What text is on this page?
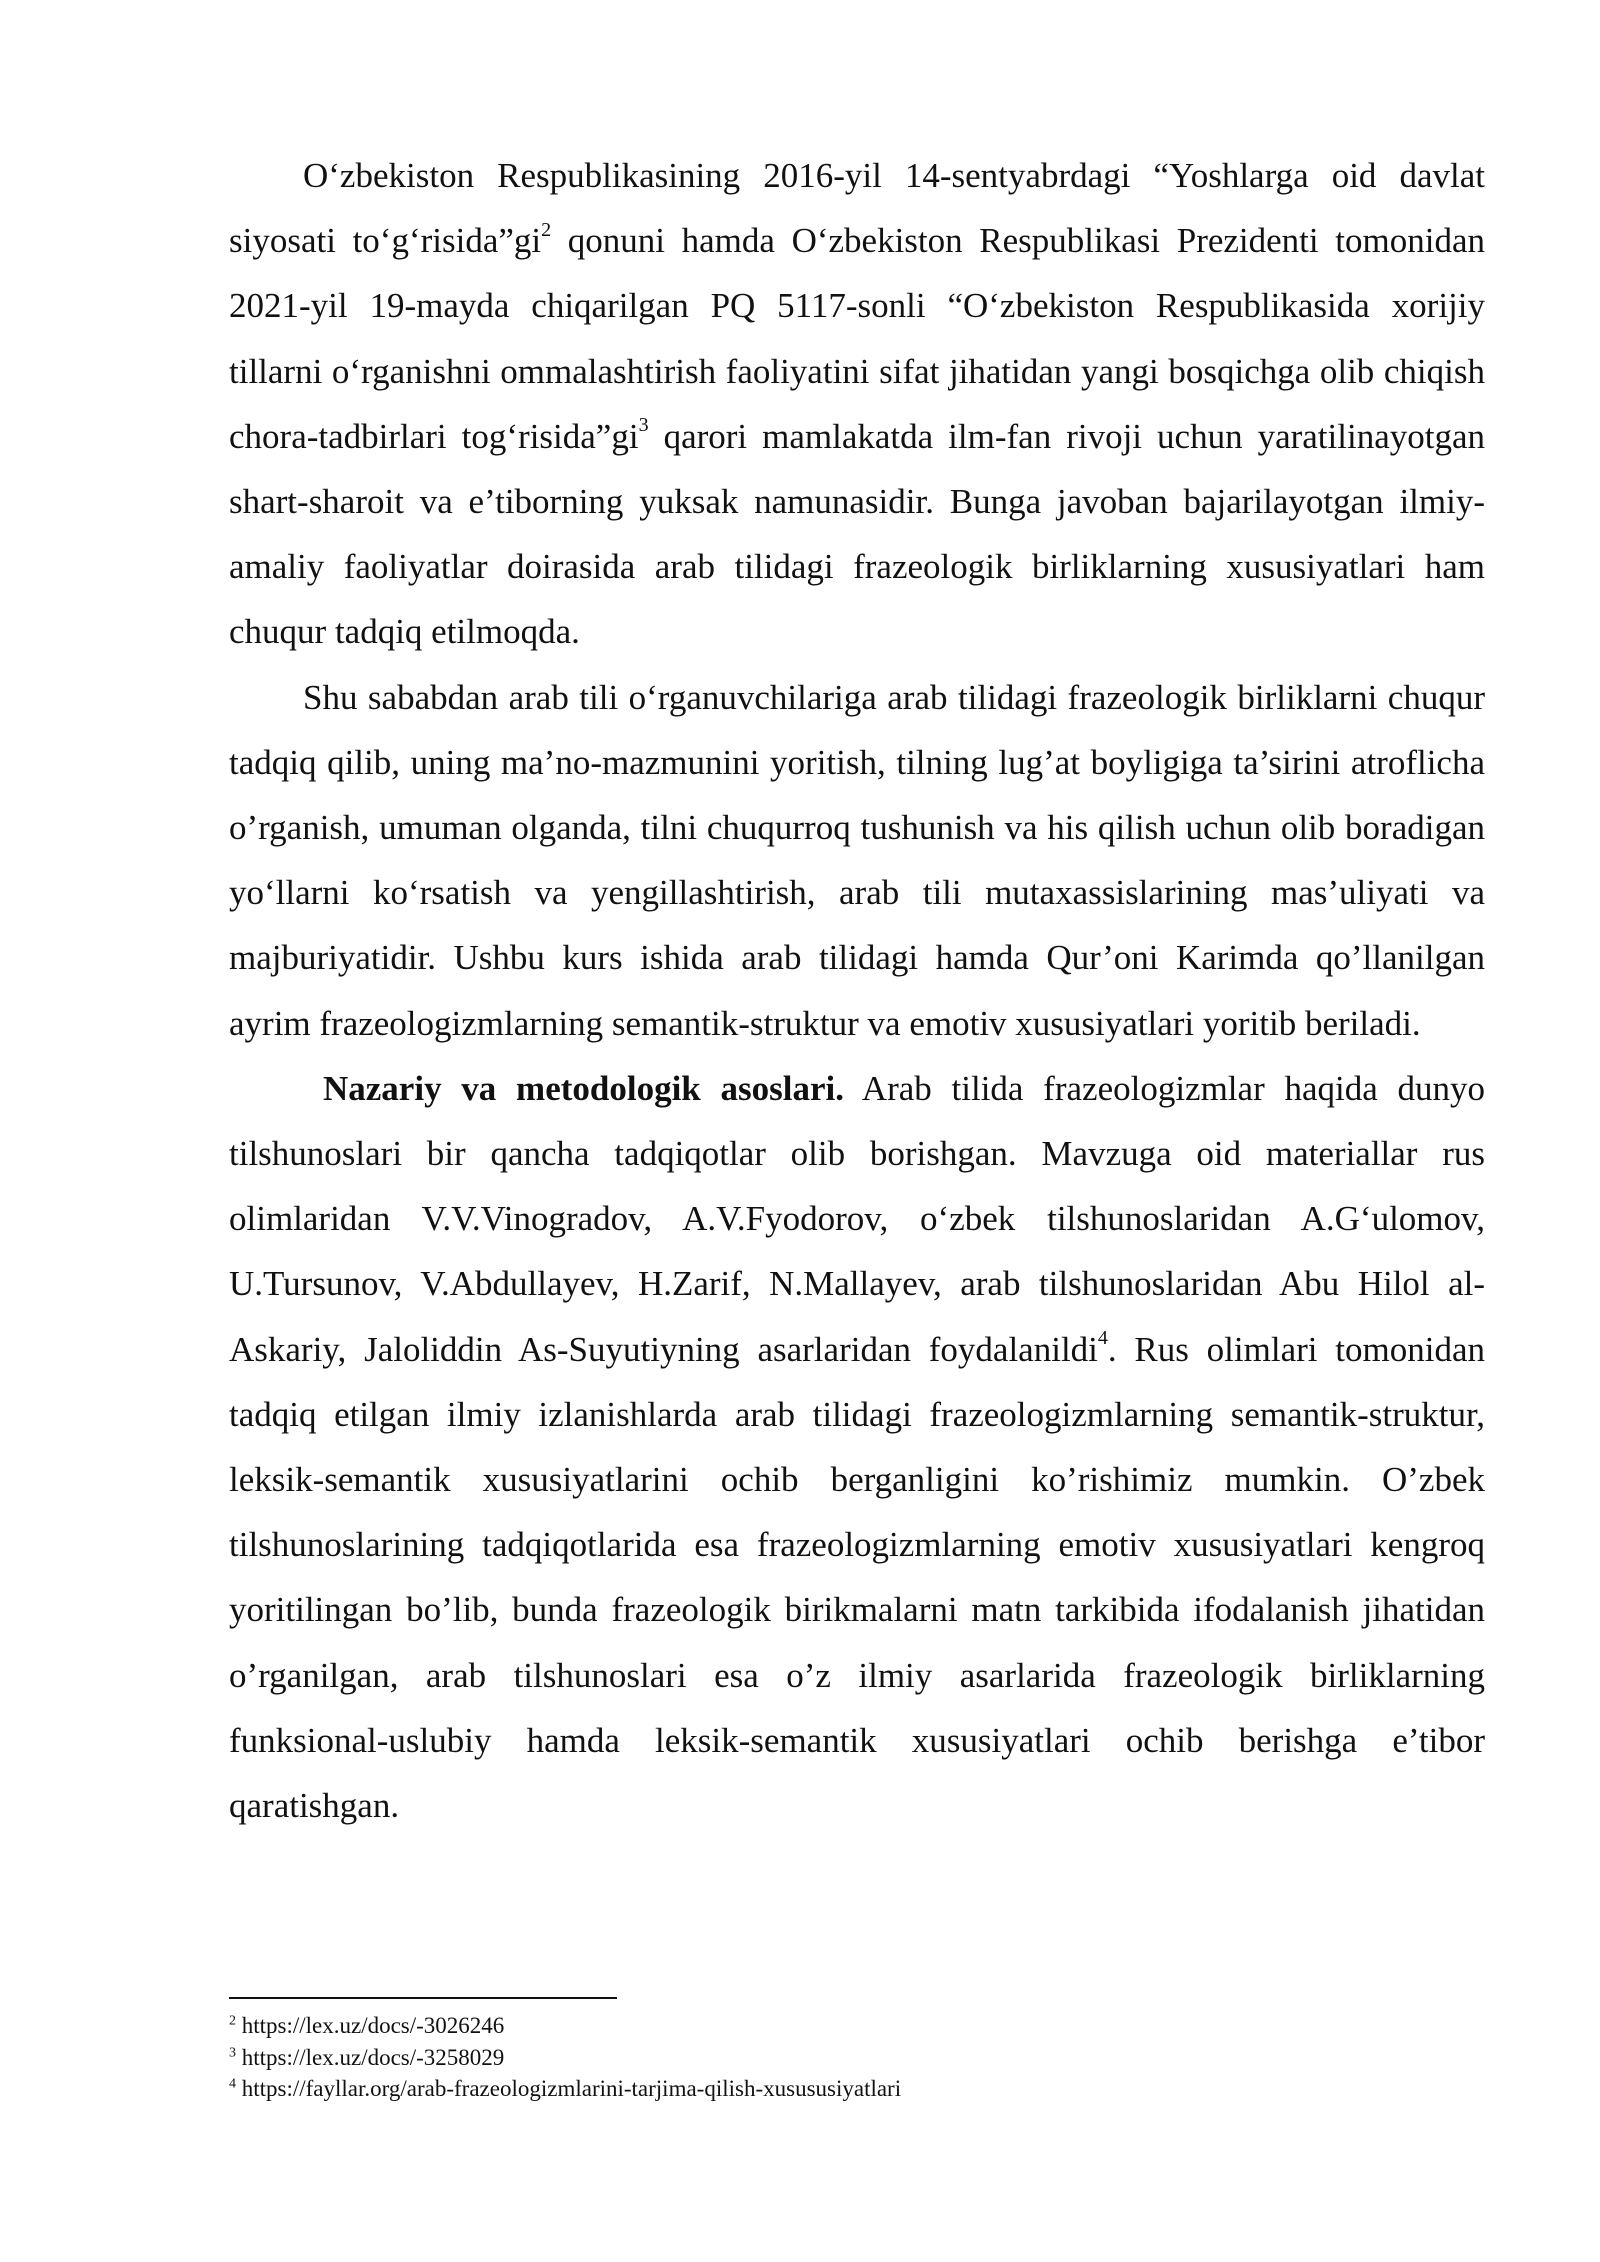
O‘zbekiston Respublikasining 2016-yil 14-sentyabrdagi “Yoshlarga oid davlat siyosati $to‘g‘risida”gi^2$ qonuni hamda O‘zbekiston Respublikasi Prezidenti tomonidan 2021-yil 19-mayda chiqarilgan PQ 5117-sonli “O‘zbekiston Respublikasida xorijiy tillarni o‘rganishni ommalashtirish faoliyatini sifat jihatidan yangi bosqichga olib chiqish chora-tadbirlari $tog‘risida”gi^3$ qarori mamlakatda ilm-fan rivoji uchun yaratilinayotgan shart-sharoit va e’tiborning yuksak namunasidir. Bunga javoban bajarilayotgan ilmiy-amaliy faoliyatlar doirasida arab tilidagi frazeologik birliklarning xususiyatlari ham chuqur tadqiq etilmoqda.

Shu sababdan arab tili o‘rganuvchilariga arab tilidagi frazeologik birliklarni chuqur tadqiq qilib, uning ma’no-mazmunini yoritish, tilning lug’at boyligiga ta’sirini atroflicha o’rganish, umuman olganda, tilni chuqurroq tushunish va his qilish uchun olib boradigan yo‘llarni ko‘rsatish va yengillashtirish, arab tili mutaxassislarining mas’uliyati va majburiyatidir. Ushbu kurs ishida arab tilidagi hamda Qur’oni Karimda qo’llanilgan ayrim frazeologizmlarning semantik-struktur va emotiv xususiyatlari yoritib beriladi.

Nazariy va metodologik asoslari. Arab tilida frazeologizmlar haqida dunyo tilshunoslari bir qancha tadqiqotlar olib borishgan. Mavzuga oid materiallar rus olimlaridan V.V.Vinogradov, A.V.Fyodorov, o‘zbek tilshunoslaridan A.G‘ulomov, U.Tursunov, V.Abdullayev, H.Zarif, N.Mallayev, arab tilshunoslaridan Abu Hilol al-Askariy, Jaloliddin As-Suyutiyning asarlaridan foydalanildi$^4$. Rus olimlari tomonidan tadqiq etilgan ilmiy izlanishlarda arab tilidagi frazeologizmlarning semantik-struktur, leksik-semantik xususiyatlarini ochib berganligini ko’rishimiz mumkin. O’zbek tilshunoslarining tadqiqotlarida esa frazeologizmlarning emotiv xususiyatlari kengroq yoritilingan bo’lib, bunda frazeologik birikmalarni matn tarkibida ifodalanish jihatidan o’rganilgan, arab tilshunoslari esa o’z ilmiy asarlarida frazeologik birliklarning funksional-uslubiy hamda leksik-semantik xususiyatlari ochib berishga e’tibor qaratishgan.

$^2$ https://lex.uz/docs/-3026246

$^3$ https://lex.uz/docs/-3258029

$^4$ https://fayllar.org/arab-frazeologizmlarini-tarjima-qilish-xusususiyatlari
